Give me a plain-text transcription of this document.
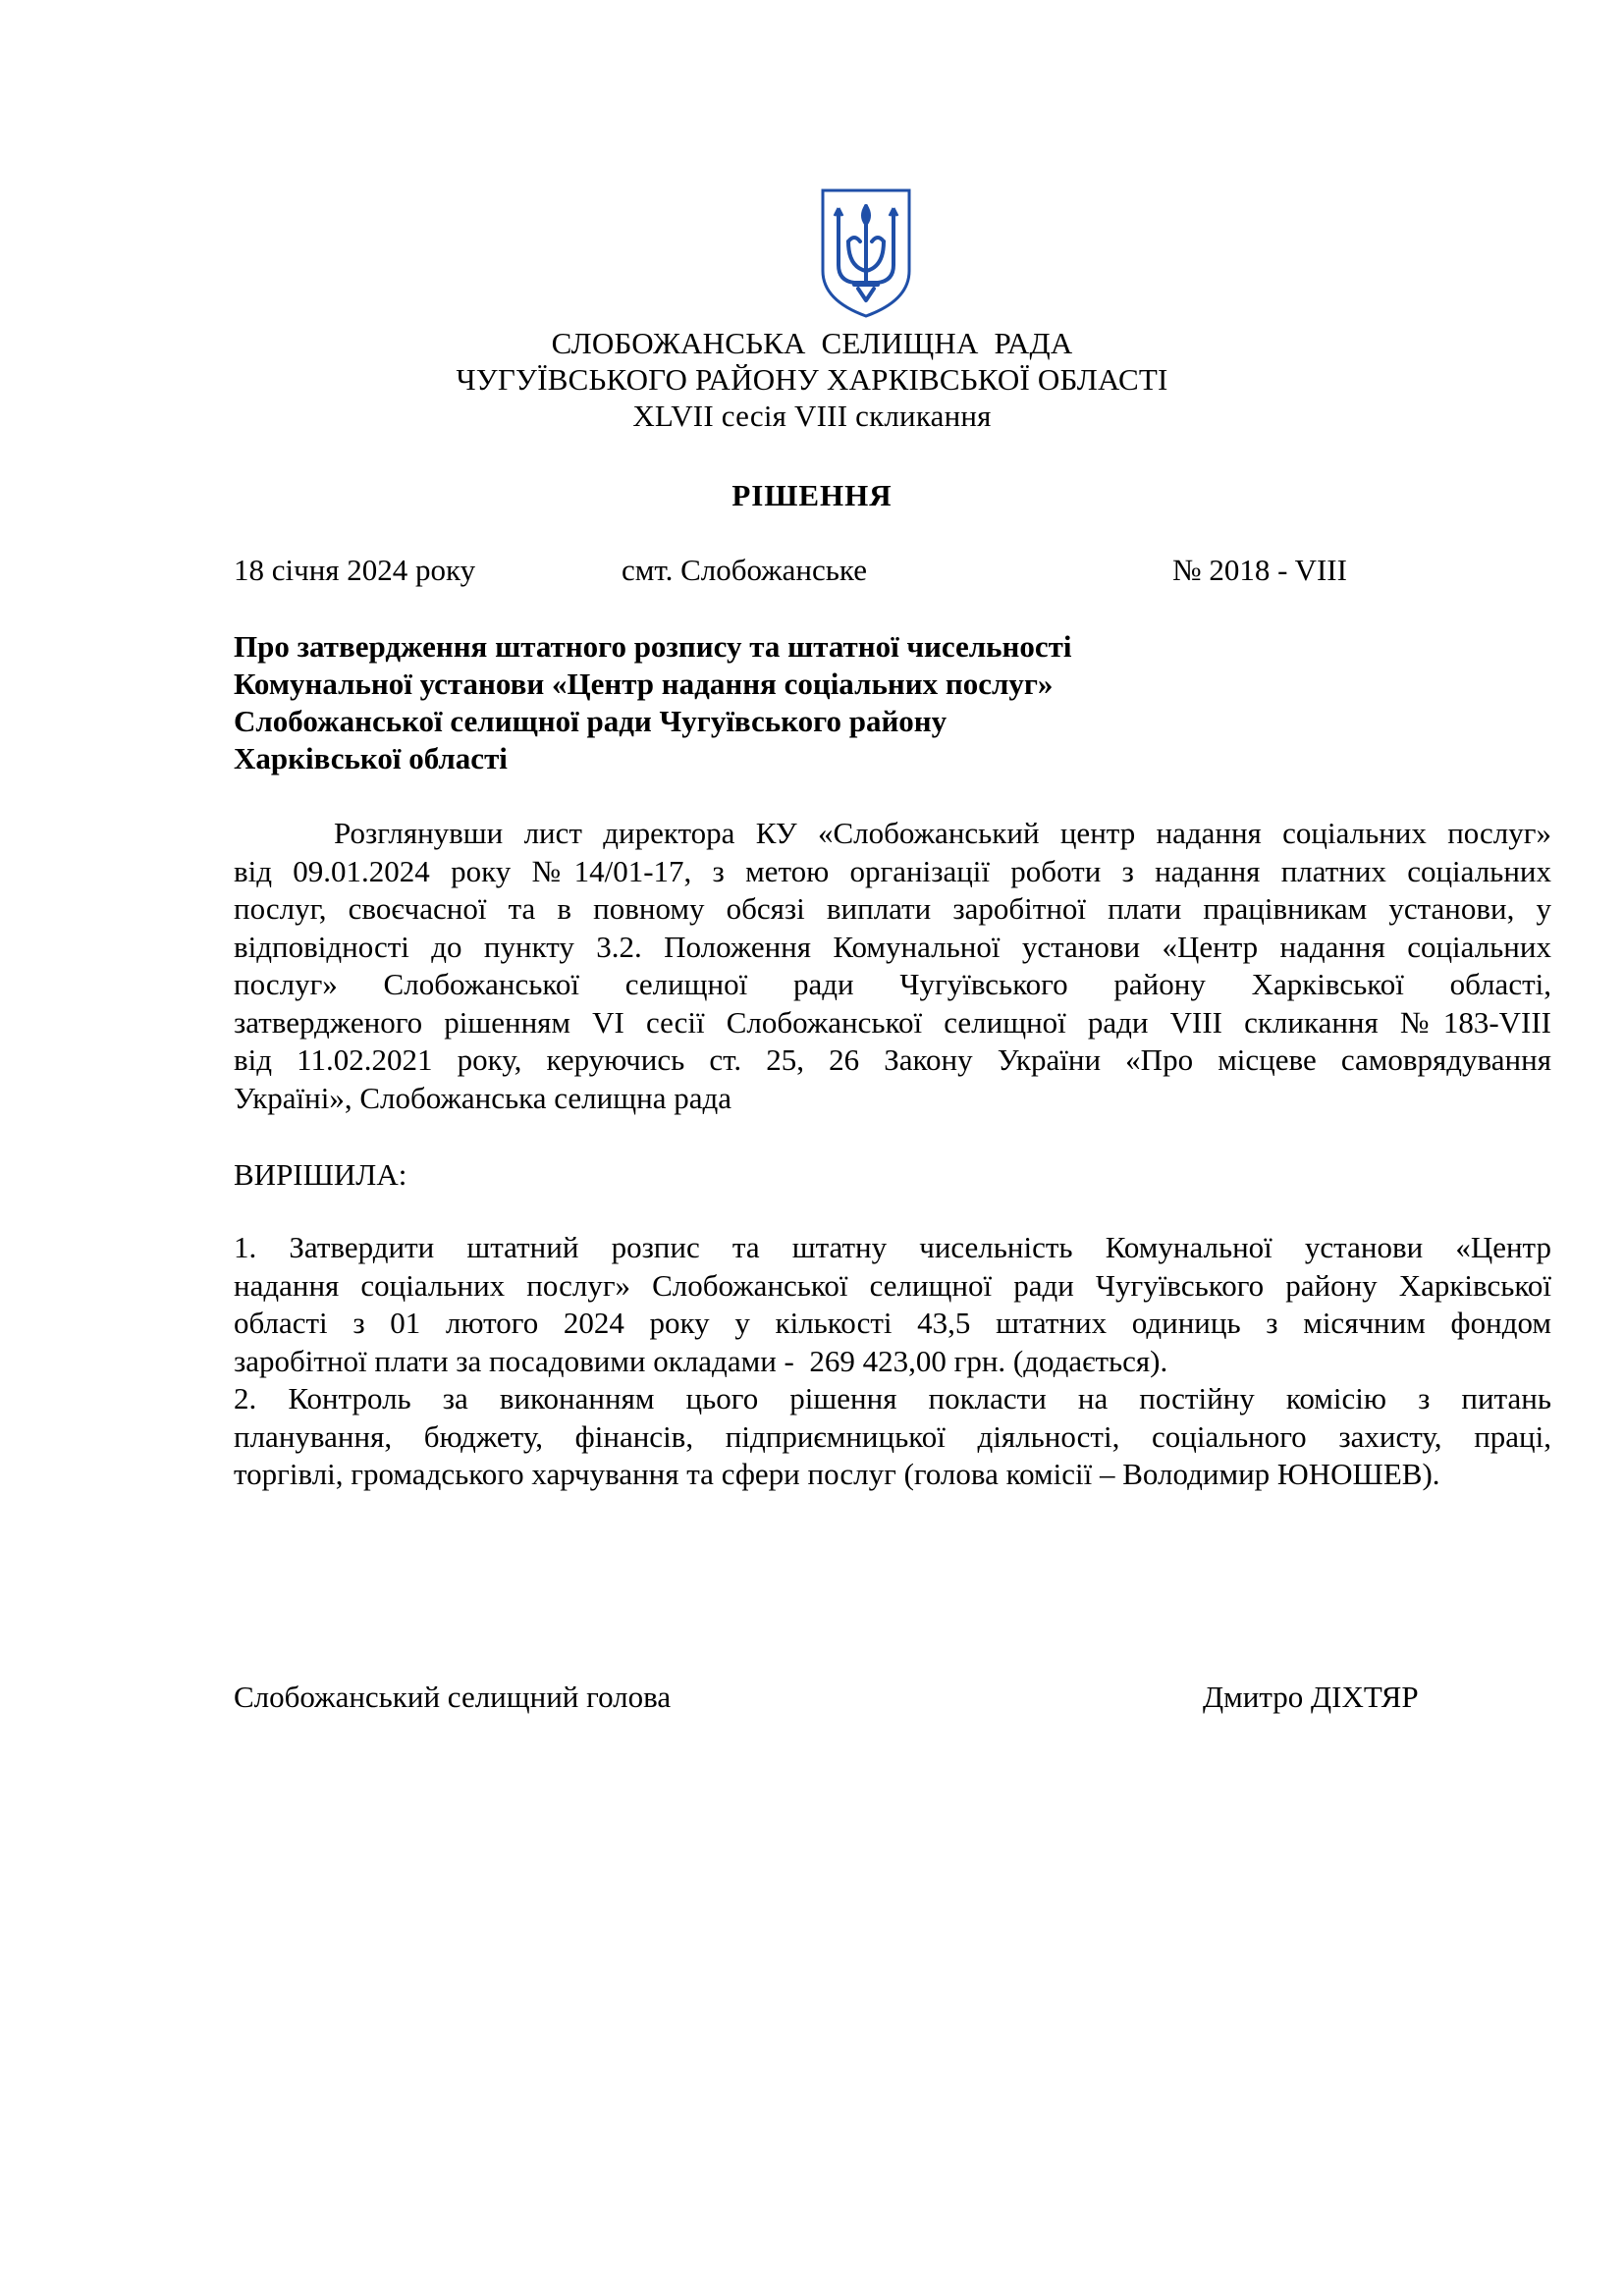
СЛОБОЖАНСЬКА  СЕЛИЩНА  РАДА
ЧУГУЇВСЬКОГО РАЙОНУ ХАРКІВСЬКОЇ ОБЛАСТІ
XLVII сесія VIII скликання
РІШЕННЯ
18 січня 2024 року	смт. Слобожанське	№ 2018 - VIII
Про затвердження штатного розпису та штатної чисельності
Комунальної установи «Центр надання соціальних послуг»
Слобожанської селищної ради Чугуївського району
Харківської області
Розглянувши лист директора КУ «Слобожанський центр надання соціальних послуг»
від 09.01.2024 року №14/01-17, з метою організації роботи з надання платних соціальних
послуг, своєчасної та в повному обсязі виплати заробітної плати працівникам установи, у
відповідності до пункту 3.2. Положення Комунальної установи «Центр надання соціальних
послуг» Слобожанської селищної ради Чугуївського району Харківської області,
затвердженого рішенням VI сесії Слобожанської селищної ради VIII скликання №183-VIII
від 11.02.2021 року, керуючись ст. 25, 26 Закону України «Про місцеве самоврядування
Україні», Слобожанська селищна рада
ВИРІШИЛА:
1. Затвердити штатний розпис та штатну чисельність Комунальної установи «Центр
надання соціальних послуг» Слобожанської селищної ради Чугуївського району Харківської
області з 01 лютого 2024 року у кількості 43,5 штатних одиниць з місячним фондом
заробітної плати за посадовими окладами -  269 423,00 грн. (додається).
2. Контроль за виконанням цього рішення покласти на постійну комісію з питань
планування, бюджету, фінансів, підприємницької діяльності, соціального захисту, праці,
торгівлі, громадського харчування та сфери послуг (голова комісії – Володимир ЮНОШЕВ).
Слобожанський селищний голова	Дмитро ДІХТЯР
